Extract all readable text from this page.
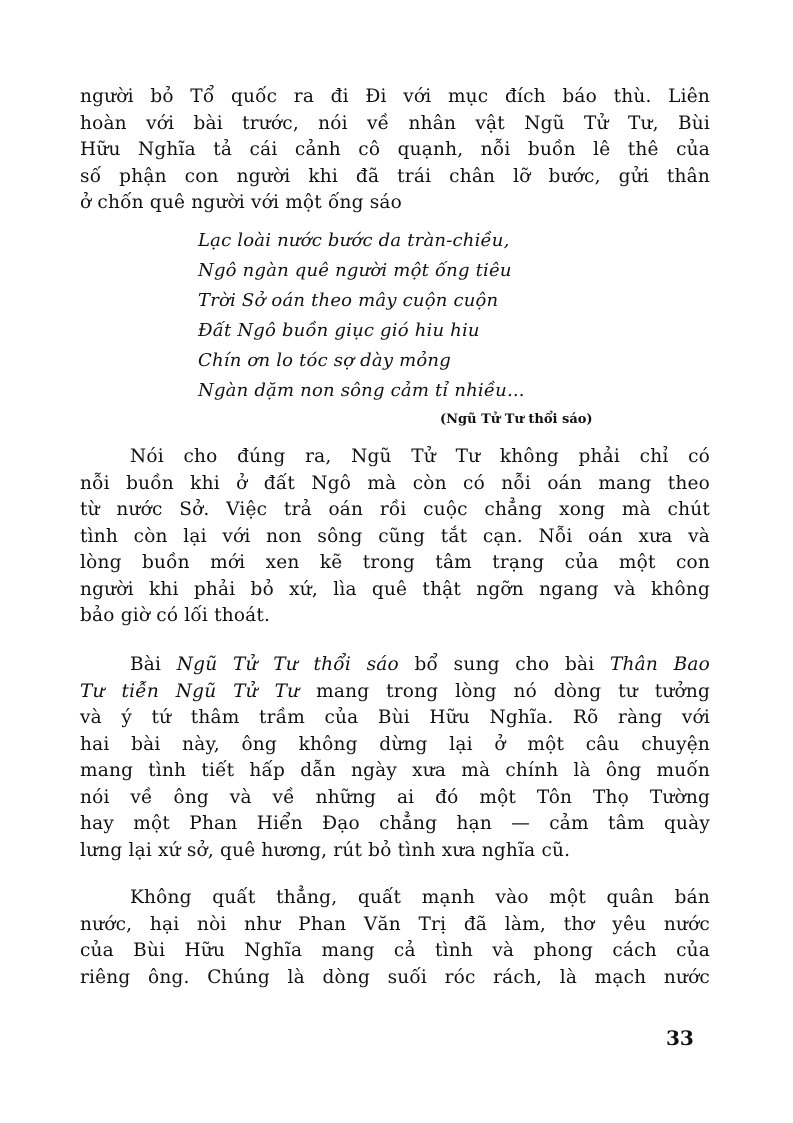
người bỏ Tổ quốc ra đi Đi với mục đích báo thù. Liên
hoàn với bài trước, nói về nhân vật Ngũ Tử Tư, Bùi
Hữu Nghĩa tả cái cảnh cô quạnh, nỗi buồn lê thê của
số phận con người khi đã trái chân lỡ bước, gửi thân
ở chốn quê người với một ống sáo
Lạc loài nước bước da tràn-chiều,
Ngô ngàn quê người một ống tiêu
Trời Sở oán theo mây cuộn cuộn
Đất Ngô buồn giục gió hiu hiu
Chín ơn lo tóc sợ dày mỏng
Ngàn dặm non sông cảm tỉ nhiều...
(Ngũ Tử Tư thổi sáo)
Nói cho đúng ra, Ngũ Tử Tư không phải chỉ có
nỗi buồn khi ở đất Ngô mà còn có nỗi oán mang theo
từ nước Sở. Việc trả oán rồi cuộc chẳng xong mà chút
tình còn lại với non sông cũng tắt cạn. Nỗi oán xưa và
lòng buồn mới xen kẽ trong tâm trạng của một con
người khi phải bỏ xứ, lìa quê thật ngỡn ngang và không
bảo giờ có lối thoát.
Bài Ngũ Tử Tư thổi sáo bổ sung cho bài Thân Bao
Tư tiễn Ngũ Tử Tư mang trong lòng nó dòng tư tưởng
và ý tứ thâm trầm của Bùi Hữu Nghĩa. Rõ ràng với
hai bài này, ông không dừng lại ở một câu chuyện
mang tình tiết hấp dẫn ngày xưa mà chính là ông muốn
nói về ông và về những ai đó một Tôn Thọ Tường
hay một Phan Hiển Đạo chẳng hạn — cảm tâm quày
lưng lại xứ sở, quê hương, rút bỏ tình xưa nghĩa cũ.
Không quất thẳng, quất mạnh vào một quân bán
nước, hại nòi như Phan Văn Trị đã làm, thơ yêu nước
của Bùi Hữu Nghĩa mang cả tình và phong cách của
riêng ông. Chúng là dòng suối róc rách, là mạch nước
33
